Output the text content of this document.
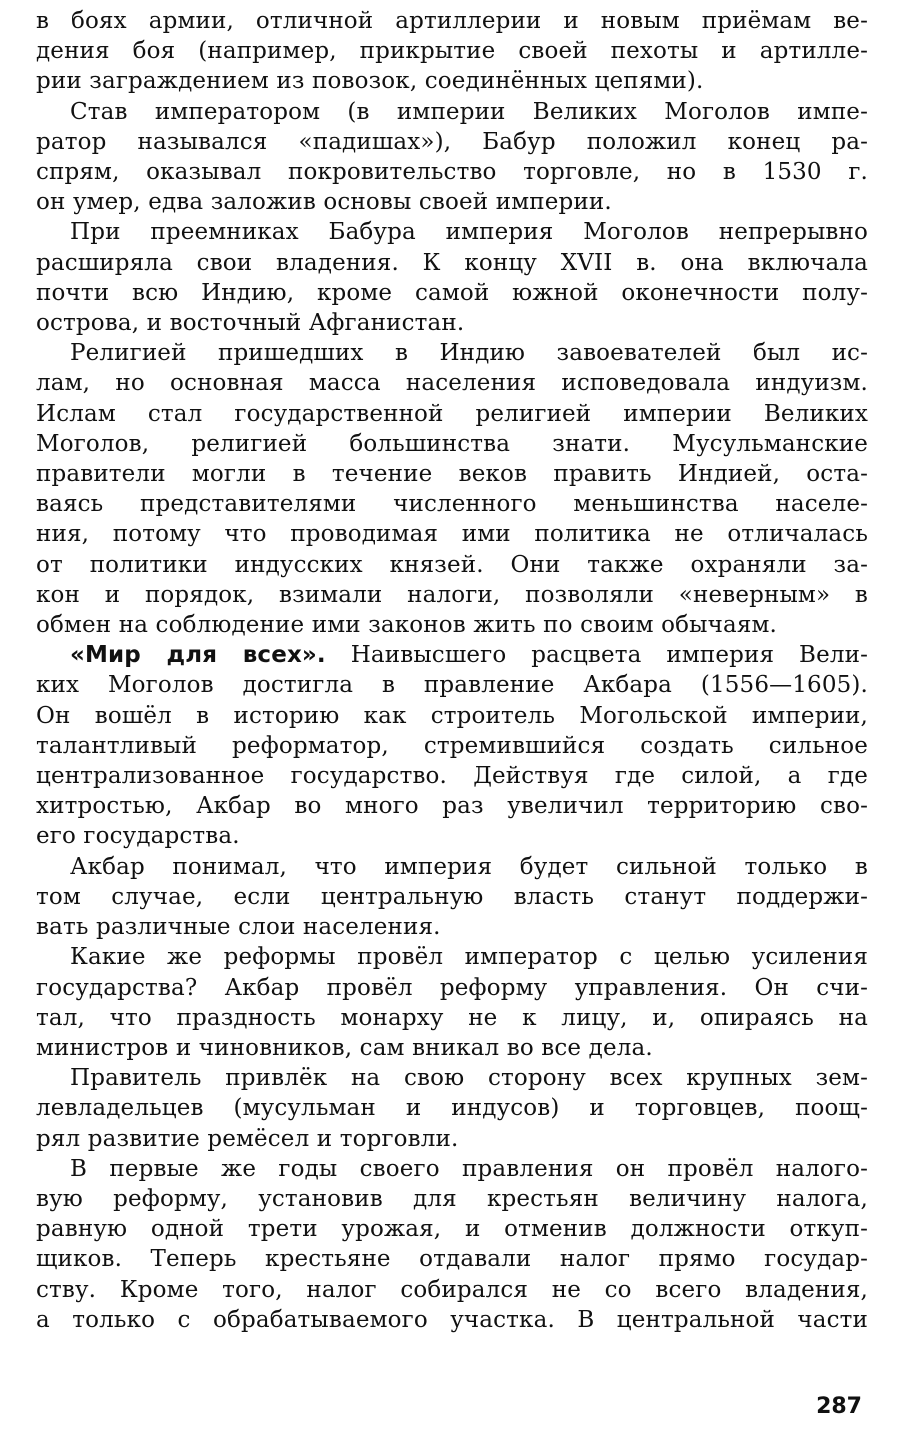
в боях армии, отличной артиллерии и новым приёмам ве-
дения боя (например, прикрытие своей пехоты и артилле-
рии заграждением из повозок, соединённых цепями).
Став императором (в империи Великих Моголов импе-
ратор назывался «падишах»), Бабур положил конец ра-
спрям, оказывал покровительство торговле, но в 1530 г.
он умер, едва заложив основы своей империи.
При преемниках Бабура империя Моголов непрерывно
расширяла свои владения. К концу XVII в. она включала
почти всю Индию, кроме самой южной оконечности полу-
острова, и восточный Афганистан.
Религией пришедших в Индию завоевателей был ис-
лам, но основная масса населения исповедовала индуизм.
Ислам стал государственной религией империи Великих
Моголов, религией большинства знати. Мусульманские
правители могли в течение веков править Индией, оста-
ваясь представителями численного меньшинства населе-
ния, потому что проводимая ими политика не отличалась
от политики индусских князей. Они также охраняли за-
кон и порядок, взимали налоги, позволяли «неверным» в
обмен на соблюдение ими законов жить по своим обычаям.
«Мир для всех». Наивысшего расцвета империя Вели-
ких Моголов достигла в правление Акбара (1556—1605).
Он вошёл в историю как строитель Могольской империи,
талантливый реформатор, стремившийся создать сильное
централизованное государство. Действуя где силой, а где
хитростью, Акбар во много раз увеличил территорию сво-
его государства.
Акбар понимал, что империя будет сильной только в
том случае, если центральную власть станут поддержи-
вать различные слои населения.
Какие же реформы провёл император с целью усиления
государства? Акбар провёл реформу управления. Он счи-
тал, что праздность монарху не к лицу, и, опираясь на
министров и чиновников, сам вникал во все дела.
Правитель привлёк на свою сторону всех крупных зем-
левладельцев (мусульман и индусов) и торговцев, поощ-
рял развитие ремёсел и торговли.
В первые же годы своего правления он провёл налого-
вую реформу, установив для крестьян величину налога,
равную одной трети урожая, и отменив должности откуп-
щиков. Теперь крестьяне отдавали налог прямо государ-
ству. Кроме того, налог собирался не со всего владения,
а только с обрабатываемого участка. В центральной части
287
